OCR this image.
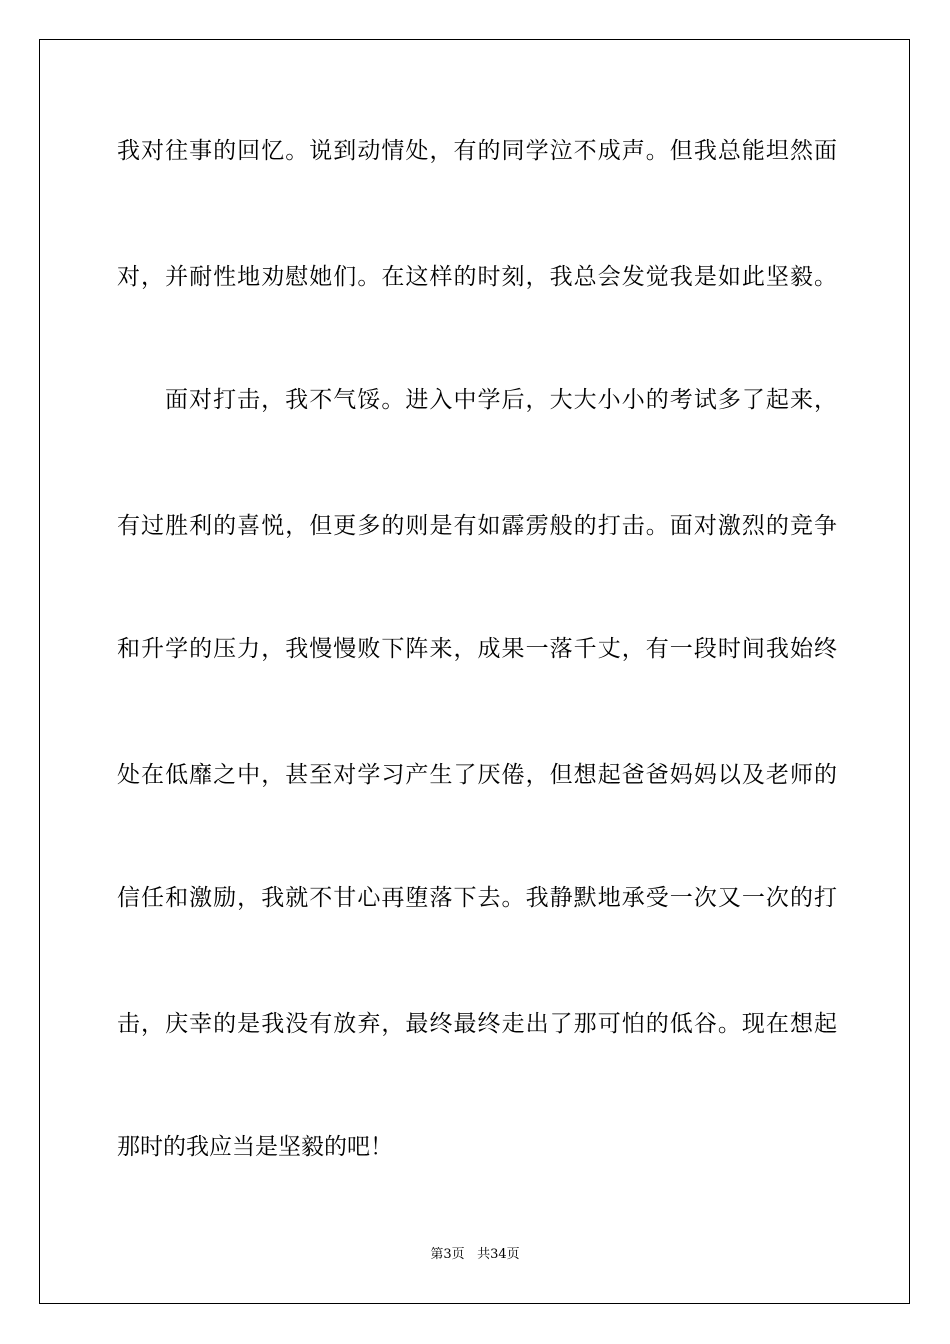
我对往事的回忆。说到动情处，有的同学泣不成声。但我总能坦然面
对，并耐性地劝慰她们。在这样的时刻，我总会发觉我是如此坚毅。
面对打击，我不气馁。进入中学后，大大小小的考试多了起来，
有过胜利的喜悦，但更多的则是有如霹雳般的打击。面对激烈的竞争
和升学的压力，我慢慢败下阵来，成果一落千丈，有一段时间我始终
处在低靡之中，甚至对学习产生了厌倦，但想起爸爸妈妈以及老师的
信任和激励，我就不甘心再堕落下去。我静默地承受一次又一次的打
击，庆幸的是我没有放弃，最终最终走出了那可怕的低谷。现在想起
那时的我应当是坚毅的吧！
第3页 共34页
